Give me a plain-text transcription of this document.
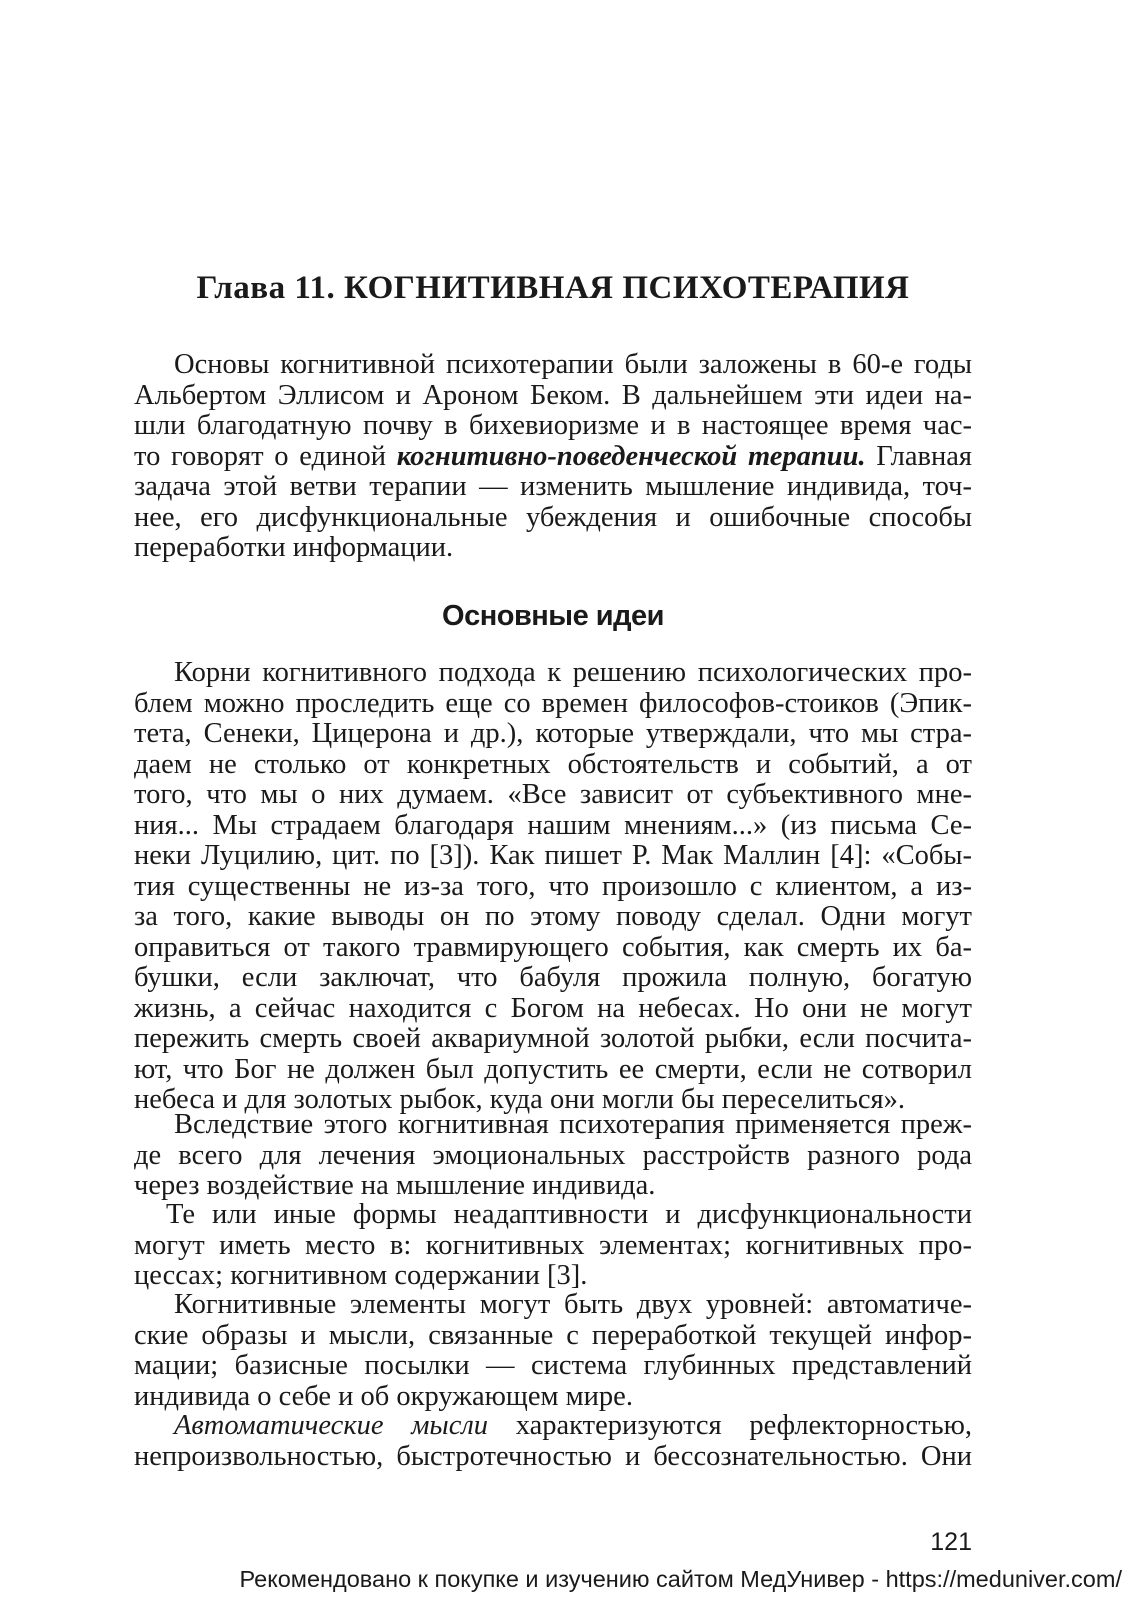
Глава 11. КОГНИТИВНАЯ ПСИХОТЕРАПИЯ
Основы когнитивной психотерапии были заложены в 60-е годы
Альбертом Эллисом и Ароном Беком. В дальнейшем эти идеи на-
шли благодатную почву в бихевиоризме и в настоящее время час-
то говорят о единой когнитивно-поведенческой терапии. Главная
задача этой ветви терапии — изменить мышление индивида, точ-
нее, его дисфункциональные убеждения и ошибочные способы
переработки информации.
Основные идеи
Корни когнитивного подхода к решению психологических про-
блем можно проследить еще со времен философов-стоиков (Эпик-
тета, Сенеки, Цицерона и др.), которые утверждали, что мы стра-
даем не столько от конкретных обстоятельств и событий, а от
того, что мы о них думаем. «Все зависит от субъективного мне-
ния... Мы страдаем благодаря нашим мнениям...» (из письма Се-
неки Луцилию, цит. по [3]). Как пишет Р. Мак Маллин [4]: «Собы-
тия существенны не из-за того, что произошло с клиентом, а из-
за того, какие выводы он по этому поводу сделал. Одни могут
оправиться от такого травмирующего события, как смерть их ба-
бушки, если заключат, что бабуля прожила полную, богатую
жизнь, а сейчас находится с Богом на небесах. Но они не могут
пережить смерть своей аквариумной золотой рыбки, если посчита-
ют, что Бог не должен был допустить ее смерти, если не сотворил
небеса и для золотых рыбок, куда они могли бы переселиться».
Вследствие этого когнитивная психотерапия применяется преж-
де всего для лечения эмоциональных расстройств разного рода
через воздействие на мышление индивида.
Те или иные формы неадаптивности и дисфункциональности
могут иметь место в: когнитивных элементах; когнитивных про-
цессах; когнитивном содержании [3].
Когнитивные элементы могут быть двух уровней: автоматиче-
ские образы и мысли, связанные с переработкой текущей инфор-
мации; базисные посылки — система глубинных представлений
индивида о себе и об окружающем мире.
Автоматические мысли характеризуются рефлекторностью,
непроизвольностью, быстротечностью и бессознательностью. Они
121
Рекомендовано к покупке и изучению сайтом МедУнивер - https://meduniver.com/
